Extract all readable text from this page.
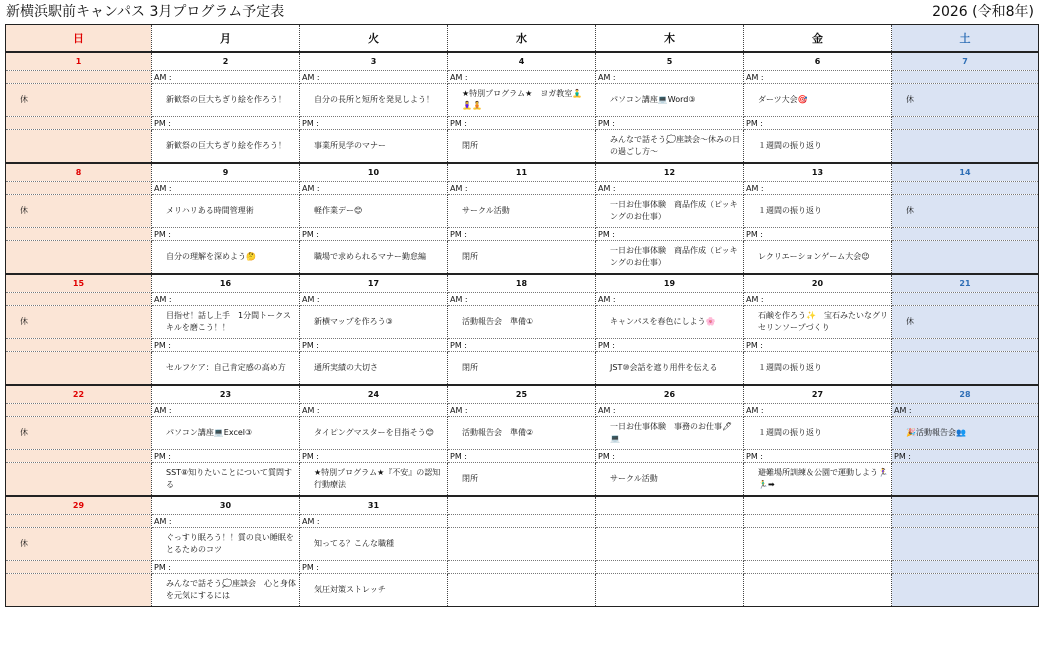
新横浜駅前キャンパス 3月プログラム予定表	2026 (令和8年)
日	月	火	水	木	金	土
1	2	3	4	5	6	7
	AM :	AM :	AM :	AM :	AM :	
休	新歓祭の巨大ちぎり絵を作ろう！	自分の長所と短所を発見しよう！	★特別プログラム★　ヨガ教室🧘‍♂️🧘‍♀️🧘	パソコン講座💻Word③	ダーツ大会🎯	休
	PM :	PM :	PM :	PM :	PM :	
	新歓祭の巨大ちぎり絵を作ろう！	事業所見学のマナー	閉所	みんなで話そう💭座談会～休みの日の過ごし方～	１週間の振り返り	
8	9	10	11	12	13	14
	AM :	AM :	AM :	AM :	AM :	
休	メリハリある時間管理術	軽作業デー😊	サークル活動	一日お仕事体験　商品作成（ピッキングのお仕事）	１週間の振り返り	休
	PM :	PM :	PM :	PM :	PM :	
	自分の理解を深めよう🤔	職場で求められるマナー勤怠編	閉所	一日お仕事体験　商品作成（ピッキングのお仕事）	レクリエーションゲーム大会😉	
15	16	17	18	19	20	21
	AM :	AM :	AM :	AM :	AM :	
休	目指せ！話し上手　1分間トークスキルを磨こう！！	新横マップを作ろう③	活動報告会　準備①	キャンパスを春色にしよう🌸	石鹸を作ろう✨　宝石みたいなグリセリンソープづくり	休
	PM :	PM :	PM :	PM :	PM :	
	セルフケア：自己肯定感の高め方	通所実績の大切さ	閉所	JST⑩会話を遮り用件を伝える	１週間の振り返り	
22	23	24	25	26	27	28
	AM :	AM :	AM :	AM :	AM :	AM :
休	パソコン講座💻Excel③	タイピングマスターを目指そう😊	活動報告会　準備②	一日お仕事体験　事務のお仕事🖊💻	１週間の振り返り	🎉活動報告会👥
	PM :	PM :	PM :	PM :	PM :	PM :
	SST⑧知りたいことについて質問する	★特別プログラム★『不安』の認知行動療法	閉所	サークル活動	避難場所訓練＆公園で運動しよう🏃‍♀️🏃‍♂️➡	
29	30	31				
	AM :	AM :				
休	ぐっすり眠ろう！！質の良い睡眠をとるためのコツ	知ってる？こんな職種				
	PM :	PM :				
	みんなで話そう💭座談会　心と身体を元気にするには	気圧対策ストレッチ				
